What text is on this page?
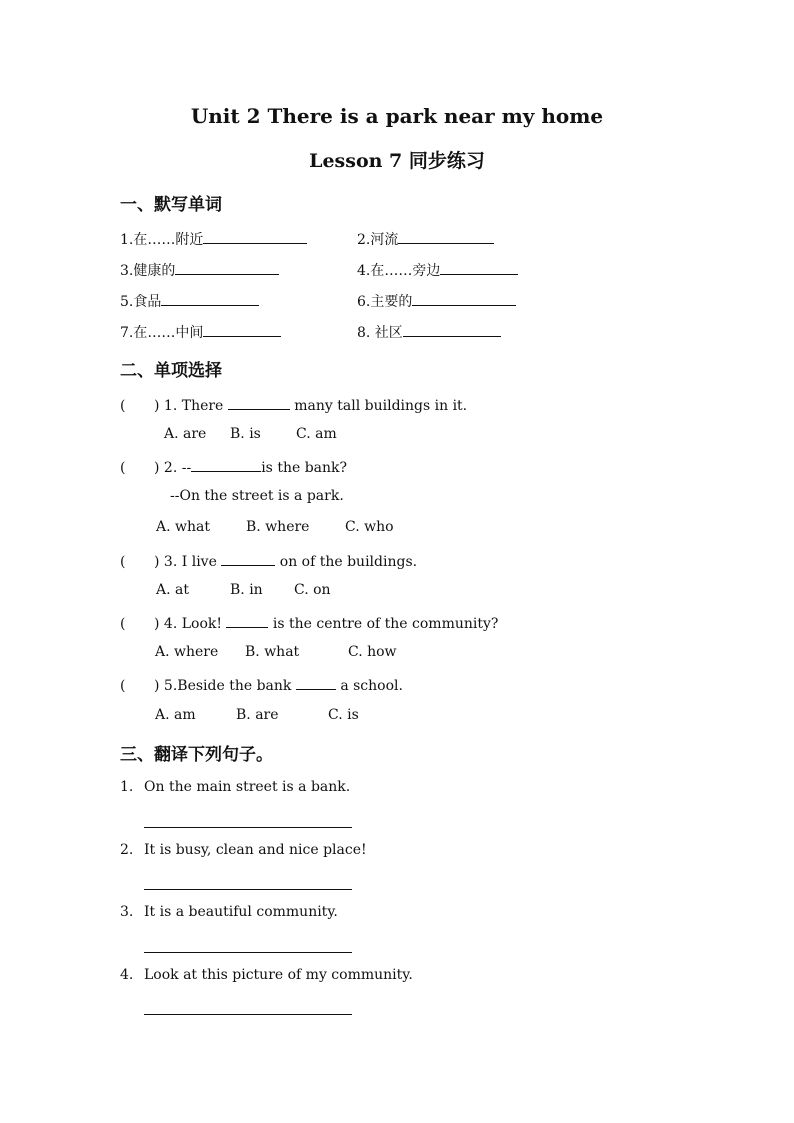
Unit 2 There is a park near my home
Lesson 7 同步练习
一、默写单词
1.在……附近	2.河流
3.健康的	4.在……旁边
5.食品	6.主要的
7.在……中间	8. 社区
二、单项选择
( ) 1. There	many tall buildings in it.
A. are B. is	C. am
( ) 2. --	is the bank?
--On the street is a park.
A. what	B. where	C. who
( ) 3. I live	on of the buildings.
A. at	B. in C. on
( ) 4. Look!	is the centre of the community?
A. where B. what	C. how
( ) 5.Beside the bank	a school.
A. am	B. are	C. is
三、翻译下列句子。
1. On the main street is a bank.
2. It is busy, clean and nice place!
3. It is a beautiful community.
4. Look at this picture of my community.
